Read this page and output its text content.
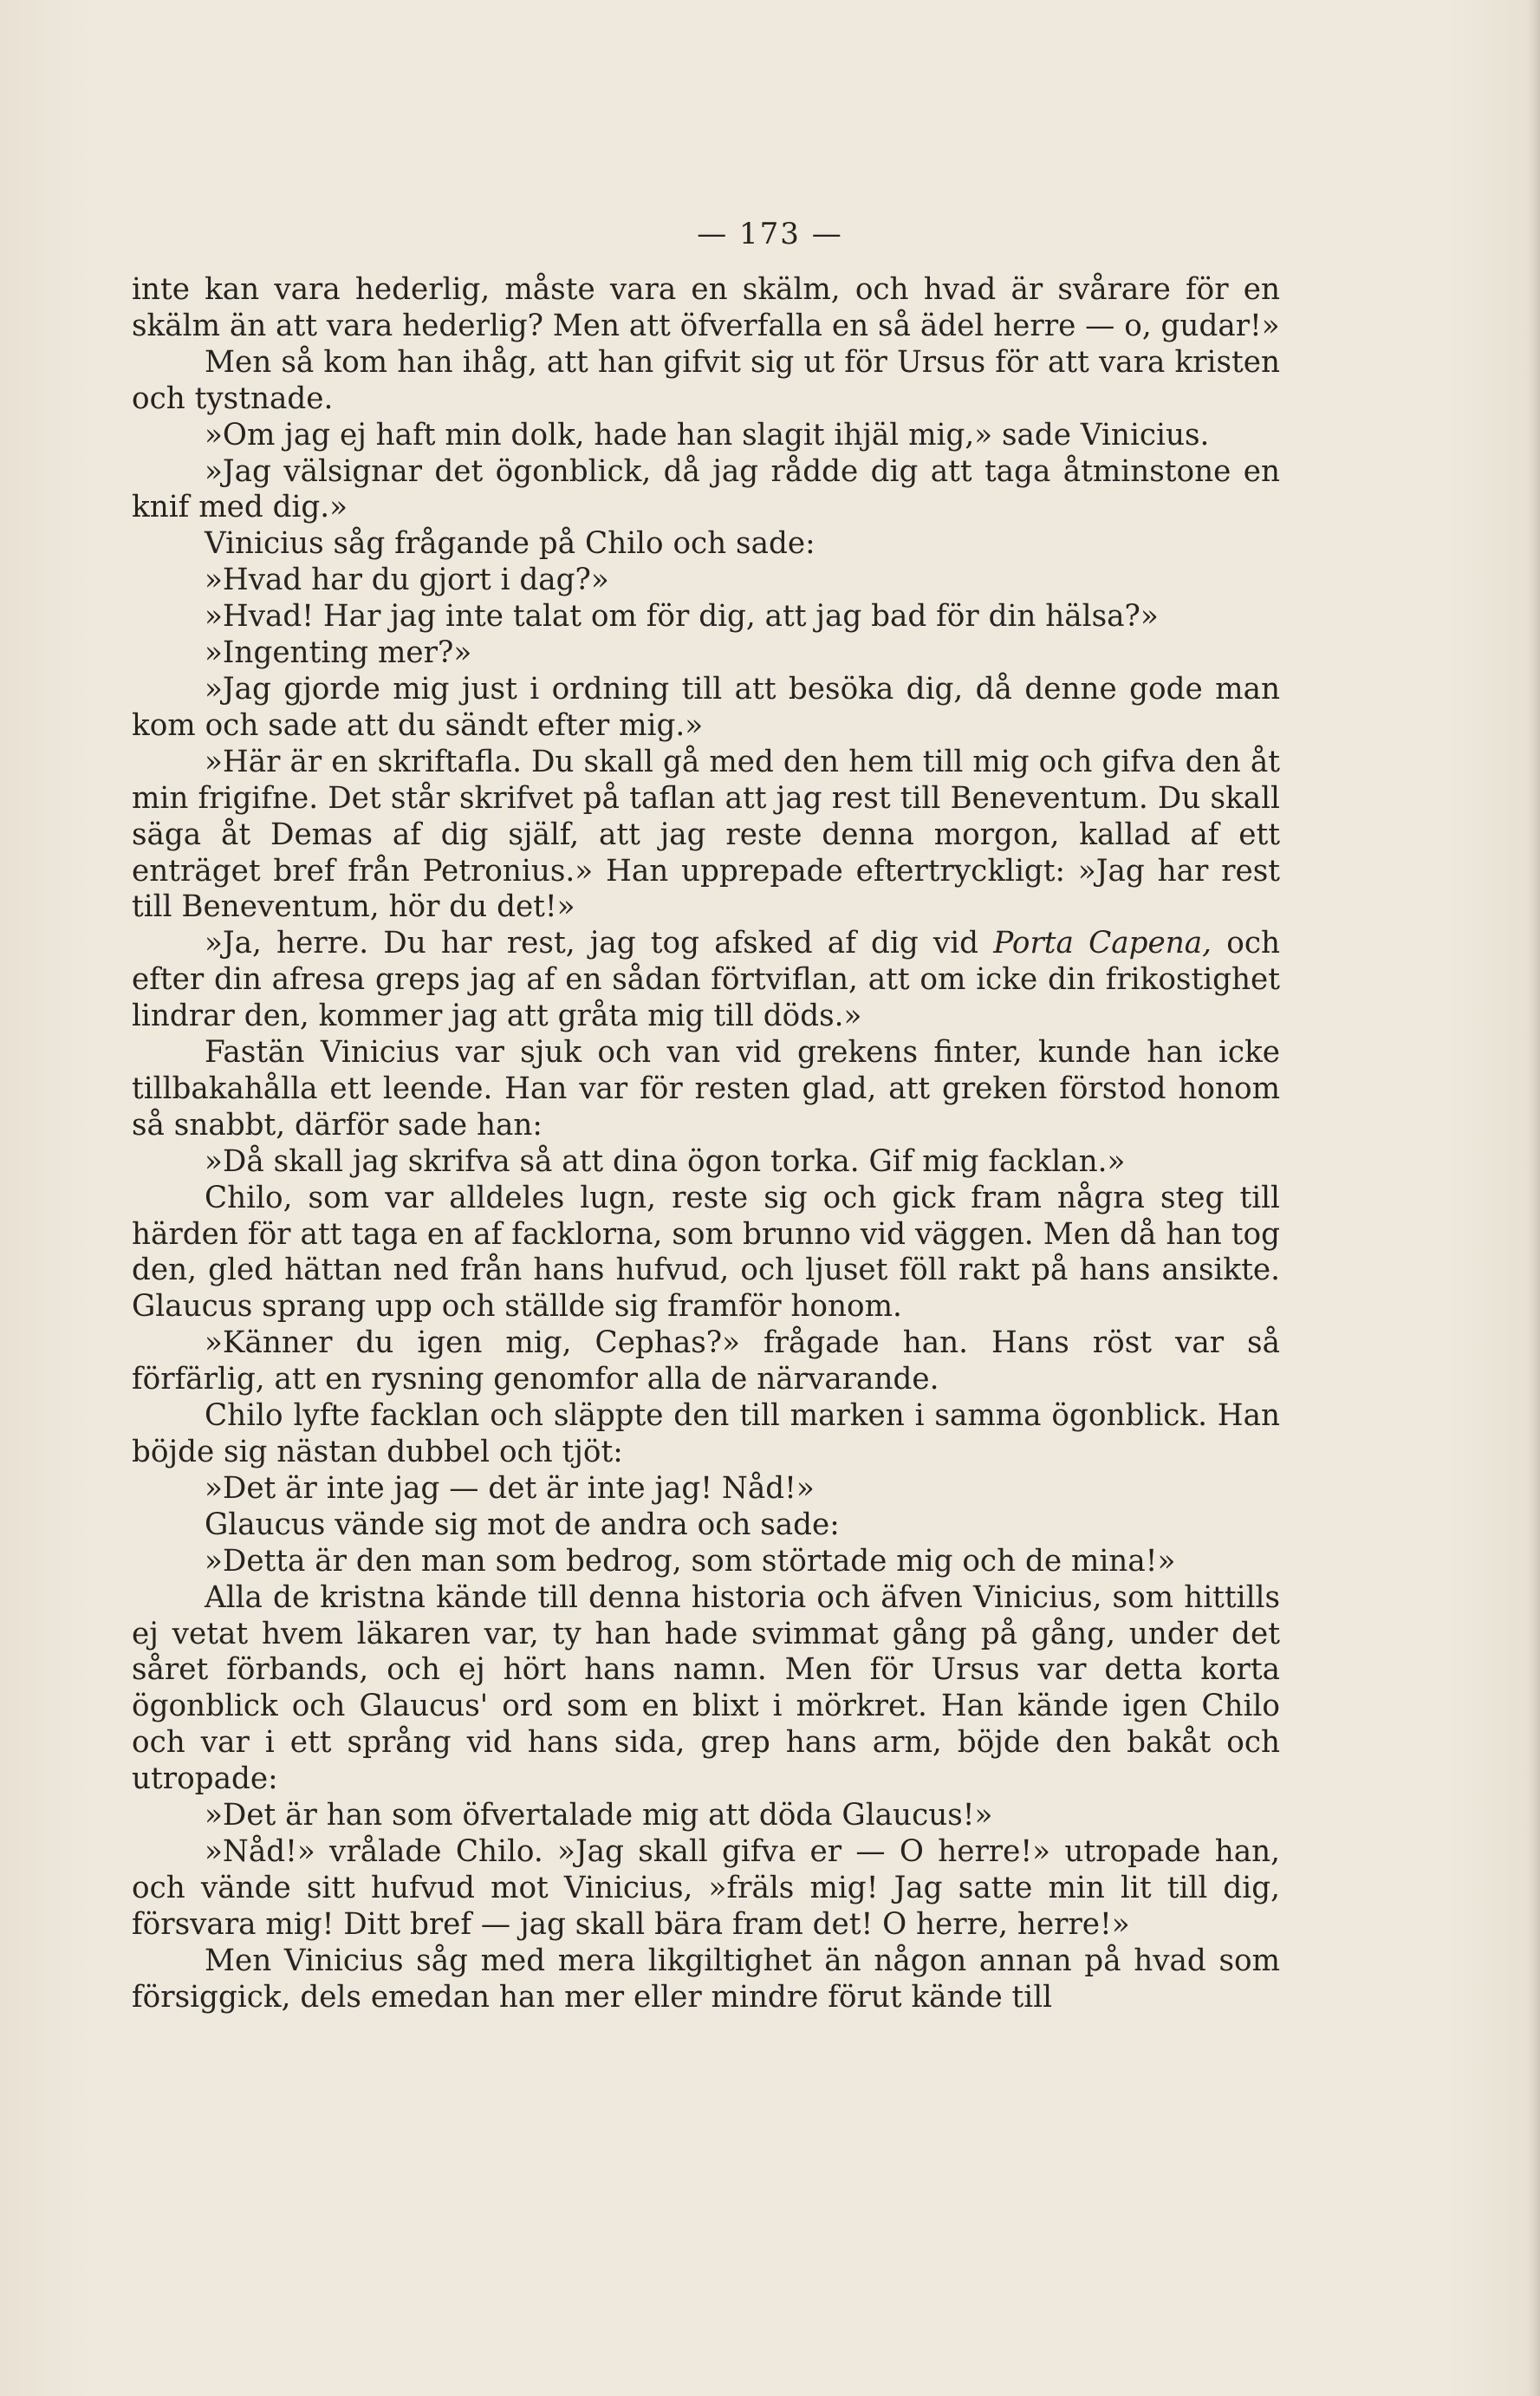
— 173 —

inte kan vara hederlig, måste vara en skälm, och hvad är svårare för en skälm än att vara hederlig? Men att öfverfalla en så ädel herre — o, gudar!»

Men så kom han ihåg, att han gifvit sig ut för Ursus för att vara kristen och tystnade.

»Om jag ej haft min dolk, hade han slagit ihjäl mig,» sade Vinicius.

»Jag välsignar det ögonblick, då jag rådde dig att taga åtminstone en knif med dig.»

Vinicius såg frågande på Chilo och sade:

»Hvad har du gjort i dag?»

»Hvad! Har jag inte talat om för dig, att jag bad för din hälsa?»

»Ingenting mer?»

»Jag gjorde mig just i ordning till att besöka dig, då denne gode man kom och sade att du sändt efter mig.»

»Här är en skriftafla. Du skall gå med den hem till mig och gifva den åt min frigifne. Det står skrifvet på taflan att jag rest till Beneventum. Du skall säga åt Demas af dig själf, att jag reste denna morgon, kallad af ett enträget bref från Petronius.» Han upprepade eftertryckligt: »Jag har rest till Beneventum, hör du det!»

»Ja, herre. Du har rest, jag tog afsked af dig vid Porta Capena, och efter din afresa greps jag af en sådan förtviflan, att om icke din frikostighet lindrar den, kommer jag att gråta mig till döds.»

Fastän Vinicius var sjuk och van vid grekens finter, kunde han icke tillbakahålla ett leende. Han var för resten glad, att greken förstod honom så snabbt, därför sade han:

»Då skall jag skrifva så att dina ögon torka. Gif mig facklan.»

Chilo, som var alldeles lugn, reste sig och gick fram några steg till härden för att taga en af facklorna, som brunno vid väggen. Men då han tog den, gled hättan ned från hans hufvud, och ljuset föll rakt på hans ansikte. Glaucus sprang upp och ställde sig framför honom.

»Känner du igen mig, Cephas?» frågade han. Hans röst var så förfärlig, att en rysning genomfor alla de närvarande.

Chilo lyfte facklan och släppte den till marken i samma ögonblick. Han böjde sig nästan dubbel och tjöt:

»Det är inte jag — det är inte jag! Nåd!»

Glaucus vände sig mot de andra och sade:

»Detta är den man som bedrog, som störtade mig och de mina!»

Alla de kristna kände till denna historia och äfven Vinicius, som hittills ej vetat hvem läkaren var, ty han hade svimmat gång på gång, under det såret förbands, och ej hört hans namn. Men för Ursus var detta korta ögonblick och Glaucus' ord som en blixt i mörkret. Han kände igen Chilo och var i ett språng vid hans sida, grep hans arm, böjde den bakåt och utropade:

»Det är han som öfvertalade mig att döda Glaucus!»

»Nåd!» vrålade Chilo. »Jag skall gifva er — O herre!» utropade han, och vände sitt hufvud mot Vinicius, »fräls mig! Jag satte min lit till dig, försvara mig! Ditt bref — jag skall bära fram det! O herre, herre!»

Men Vinicius såg med mera likgiltighet än någon annan på hvad som försiggick, dels emedan han mer eller mindre förut kände till
